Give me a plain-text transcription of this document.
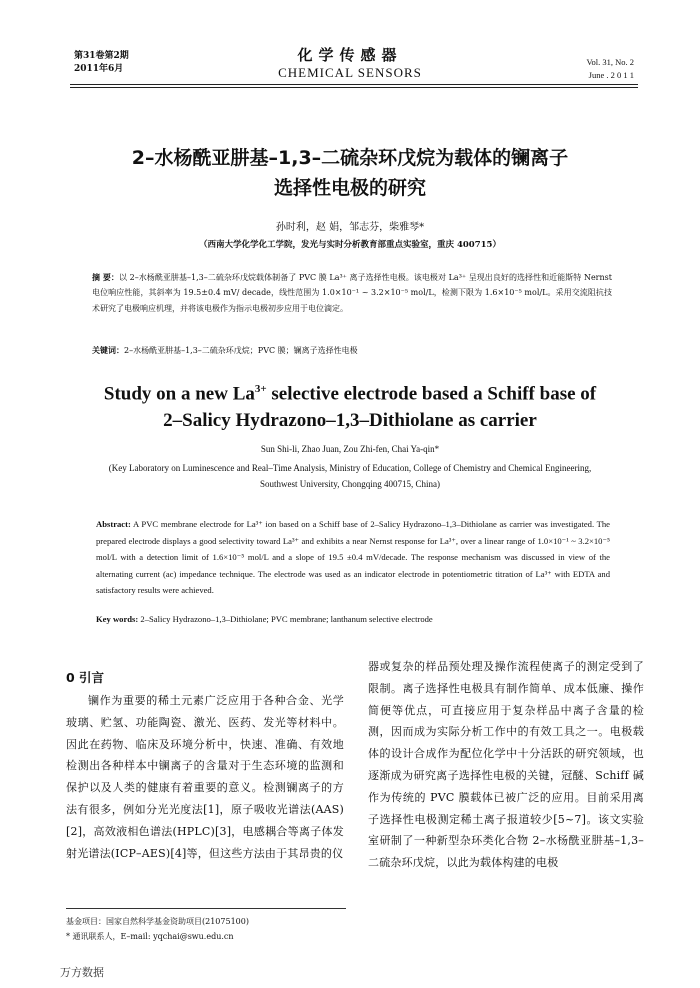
第31卷第2期
2011年6月
化学传感器
CHEMICAL SENSORS
Vol. 31, No. 2
June . 2 0 1 1
2–水杨酰亚肼基–1,3–二硫杂环戊烷为载体的镧离子
选择性电极的研究
孙时利，赵 娟，邹志芬，柴雅琴*
（西南大学化学化工学院，发光与实时分析教育部重点实验室，重庆 400715）
摘 要：以 2–水杨酰亚肼基–1,3–二硫杂环戊烷载体制备了 PVC 膜 La³⁺ 离子选择性电极。该电极对 La³⁺ 呈现出良好的选择性和近能斯特 Nernst 电位响应性能，其斜率为 19.5±0.4 mV/ decade，线性范围为 1.0×10⁻¹ ~ 3.2×10⁻⁵ mol/L，检测下限为 1.6×10⁻⁵ mol/L。采用交流阻抗技术研究了电极响应机理，并将该电极作为指示电极初步应用于电位滴定。
关键词：2–水杨酰亚肼基–1,3–二硫杂环戊烷；PVC 膜；镧离子选择性电极
Study on a new $La^{3+}$ selective electrode based a Schiff base of
2–Salicy Hydrazono–1,3–Dithiolane as carrier
Sun Shi-li, Zhao Juan, Zou Zhi-fen, Chai Ya-qin*
(Key Laboratory on Luminescence and Real–Time Analysis, Ministry of Education, College of Chemistry and Chemical Engineering, Southwest University, Chongqing 400715, China)
Abstract: A PVC membrane electrode for La³⁺ ion based on a Schiff base of 2–Salicy Hydrazono–1,3–Dithiolane as carrier was investigated. The prepared electrode displays a good selectivity toward La³⁺ and exhibits a near Nernst response for La³⁺, over a linear range of 1.0×10⁻¹ ~ 3.2×10⁻⁵ mol/L with a detection limit of 1.6×10⁻⁵ mol/L and a slope of 19.5 ±0.4 mV/decade. The response mechanism was discussed in view of the alternating current (ac) impedance technique. The electrode was used as an indicator electrode in potentiometric titration of La³⁺ with EDTA and satisfactory results were achieved.
Key words: 2–Salicy Hydrazono–1,3–Dithiolane; PVC membrane; lanthanum selective electrode
0 引言
镧作为重要的稀土元素广泛应用于各种合金、光学玻璃、贮氢、功能陶瓷、激光、医药、发光等材料中。因此在药物、临床及环境分析中，快速、准确、有效地检测出各种样本中镧离子的含量对于生态环境的监测和保护以及人类的健康有着重要的意义。检测镧离子的方法有很多，例如分光光度法[1]，原子吸收光谱法(AAS)[2]，高效液相色谱法(HPLC)[3]，电感耦合等离子体发射光谱法(ICP–AES)[4]等，但这些方法由于其昂贵的仪
器或复杂的样品预处理及操作流程使离子的测定受到了限制。离子选择性电极具有制作简单、成本低廉、操作简便等优点，可直接应用于复杂样品中离子含量的检测，因而成为实际分析工作中的有效工具之一。电极载体的设计合成作为配位化学中十分活跃的研究领域，也逐渐成为研究离子选择性电极的关键，冠醚、Schiff 碱作为传统的 PVC 膜载体已被广泛的应用。目前采用离子选择性电极测定稀土离子报道较少[5~7]。该文实验室研制了一种新型杂环类化合物 2–水杨酰亚肼基–1,3–二硫杂环戊烷，以此为载体构建的电极
基金项目：国家自然科学基金资助项目(21075100)
* 通讯联系人，E–mail: yqchai@swu.edu.cn
万方数据
